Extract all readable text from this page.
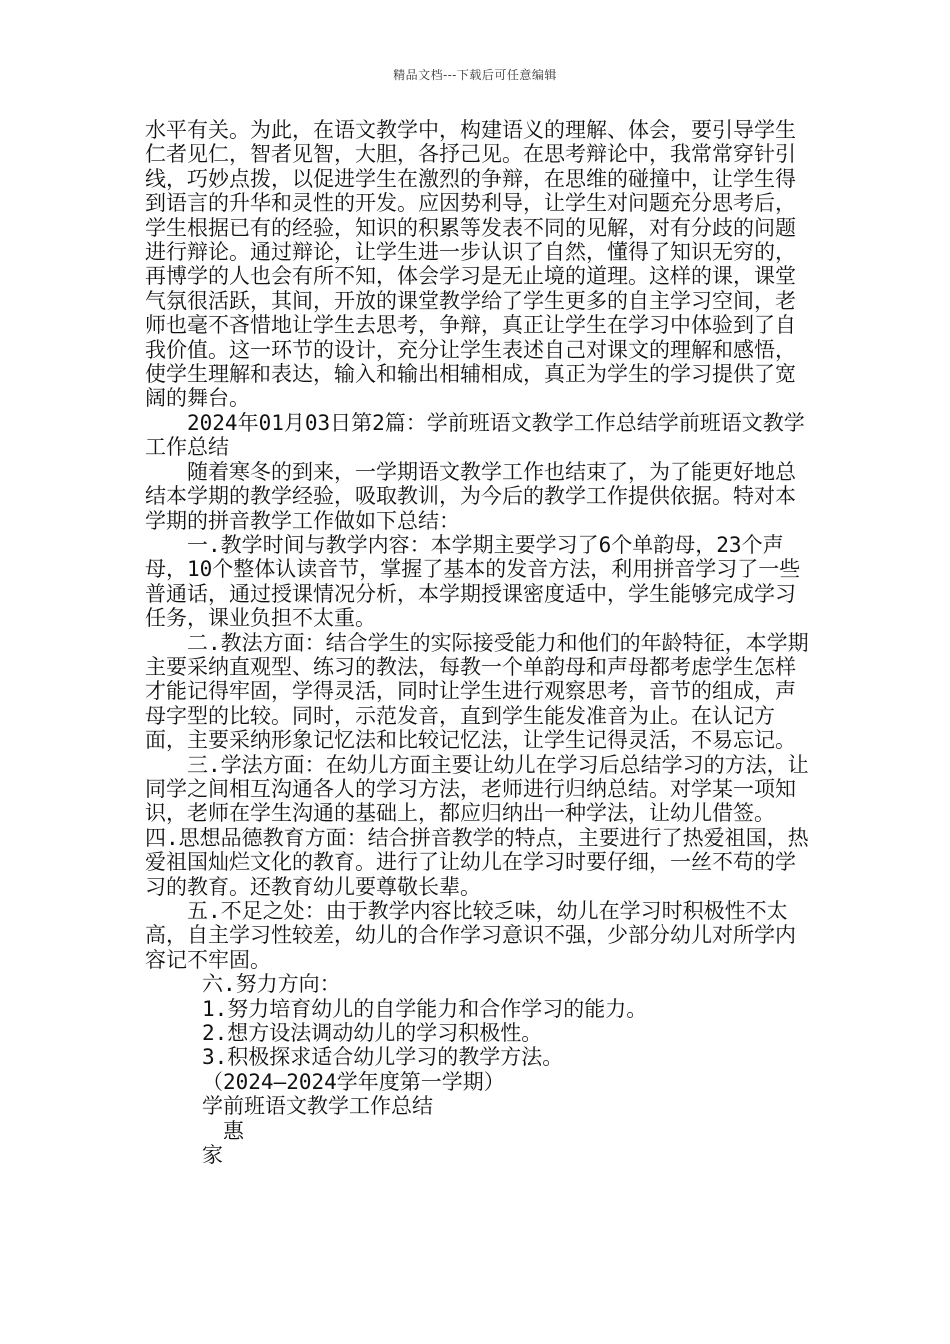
精品文档---下载后可任意编辑

水平有关。为此，在语文教学中，构建语义的理解、体会，要引导学生仁者见仁，智者见智，大胆，各抒己见。在思考辩论中，我常常穿针引线，巧妙点拨，以促进学生在激烈的争辩，在思维的碰撞中，让学生得到语言的升华和灵性的开发。应因势利导，让学生对问题充分思考后，学生根据已有的经验，知识的积累等发表不同的见解，对有分歧的问题进行辩论。通过辩论，让学生进一步认识了自然，懂得了知识无穷的，再博学的人也会有所不知，体会学习是无止境的道理。这样的课，课堂气氛很活跃，其间，开放的课堂教学给了学生更多的自主学习空间，老师也毫不吝惜地让学生去思考，争辩，真正让学生在学习中体验到了自我价值。这一环节的设计，充分让学生表述自己对课文的理解和感悟，使学生理解和表达，输入和输出相辅相成，真正为学生的学习提供了宽阔的舞台。

　　2024年01月03日第2篇：学前班语文教学工作总结学前班语文教学工作总结

　　随着寒冬的到来，一学期语文教学工作也结束了，为了能更好地总结本学期的教学经验，吸取教训，为今后的教学工作提供依据。特对本学期的拼音教学工作做如下总结：

　　一.教学时间与教学内容：本学期主要学习了6个单韵母，23个声母，10个整体认读音节，掌握了基本的发音方法，利用拼音学习了一些普通话，通过授课情况分析，本学期授课密度适中，学生能够完成学习任务，课业负担不太重。

　　二.教法方面：结合学生的实际接受能力和他们的年龄特征，本学期主要采纳直观型、练习的教法，每教一个单韵母和声母都考虑学生怎样才能记得牢固，学得灵活，同时让学生进行观察思考，音节的组成，声母字型的比较。同时，示范发音，直到学生能发准音为止。在认记方面，主要采纳形象记忆法和比较记忆法，让学生记得灵活，不易忘记。

　　三.学法方面：在幼儿方面主要让幼儿在学习后总结学习的方法，让同学之间相互沟通各人的学习方法，老师进行归纳总结。对学某一项知识，老师在学生沟通的基础上，都应归纳出一种学法，让幼儿借签。　四.思想品德教育方面：结合拼音教学的特点，主要进行了热爱祖国，热爱祖国灿烂文化的教育。进行了让幼儿在学习时要仔细，一丝不苟的学习的教育。还教育幼儿要尊敬长辈。

　　五.不足之处：由于教学内容比较乏味，幼儿在学习时积极性不太高，自主学习性较差，幼儿的合作学习意识不强，少部分幼儿对所学内容记不牢固。

六.努力方向：

1.努力培育幼儿的自学能力和合作学习的能力。

2.想方设法调动幼儿的学习积极性。

3.积极探求适合幼儿学习的教学方法。

（2024—2024学年度第一学期）

学前班语文教学工作总结

　惠

家
